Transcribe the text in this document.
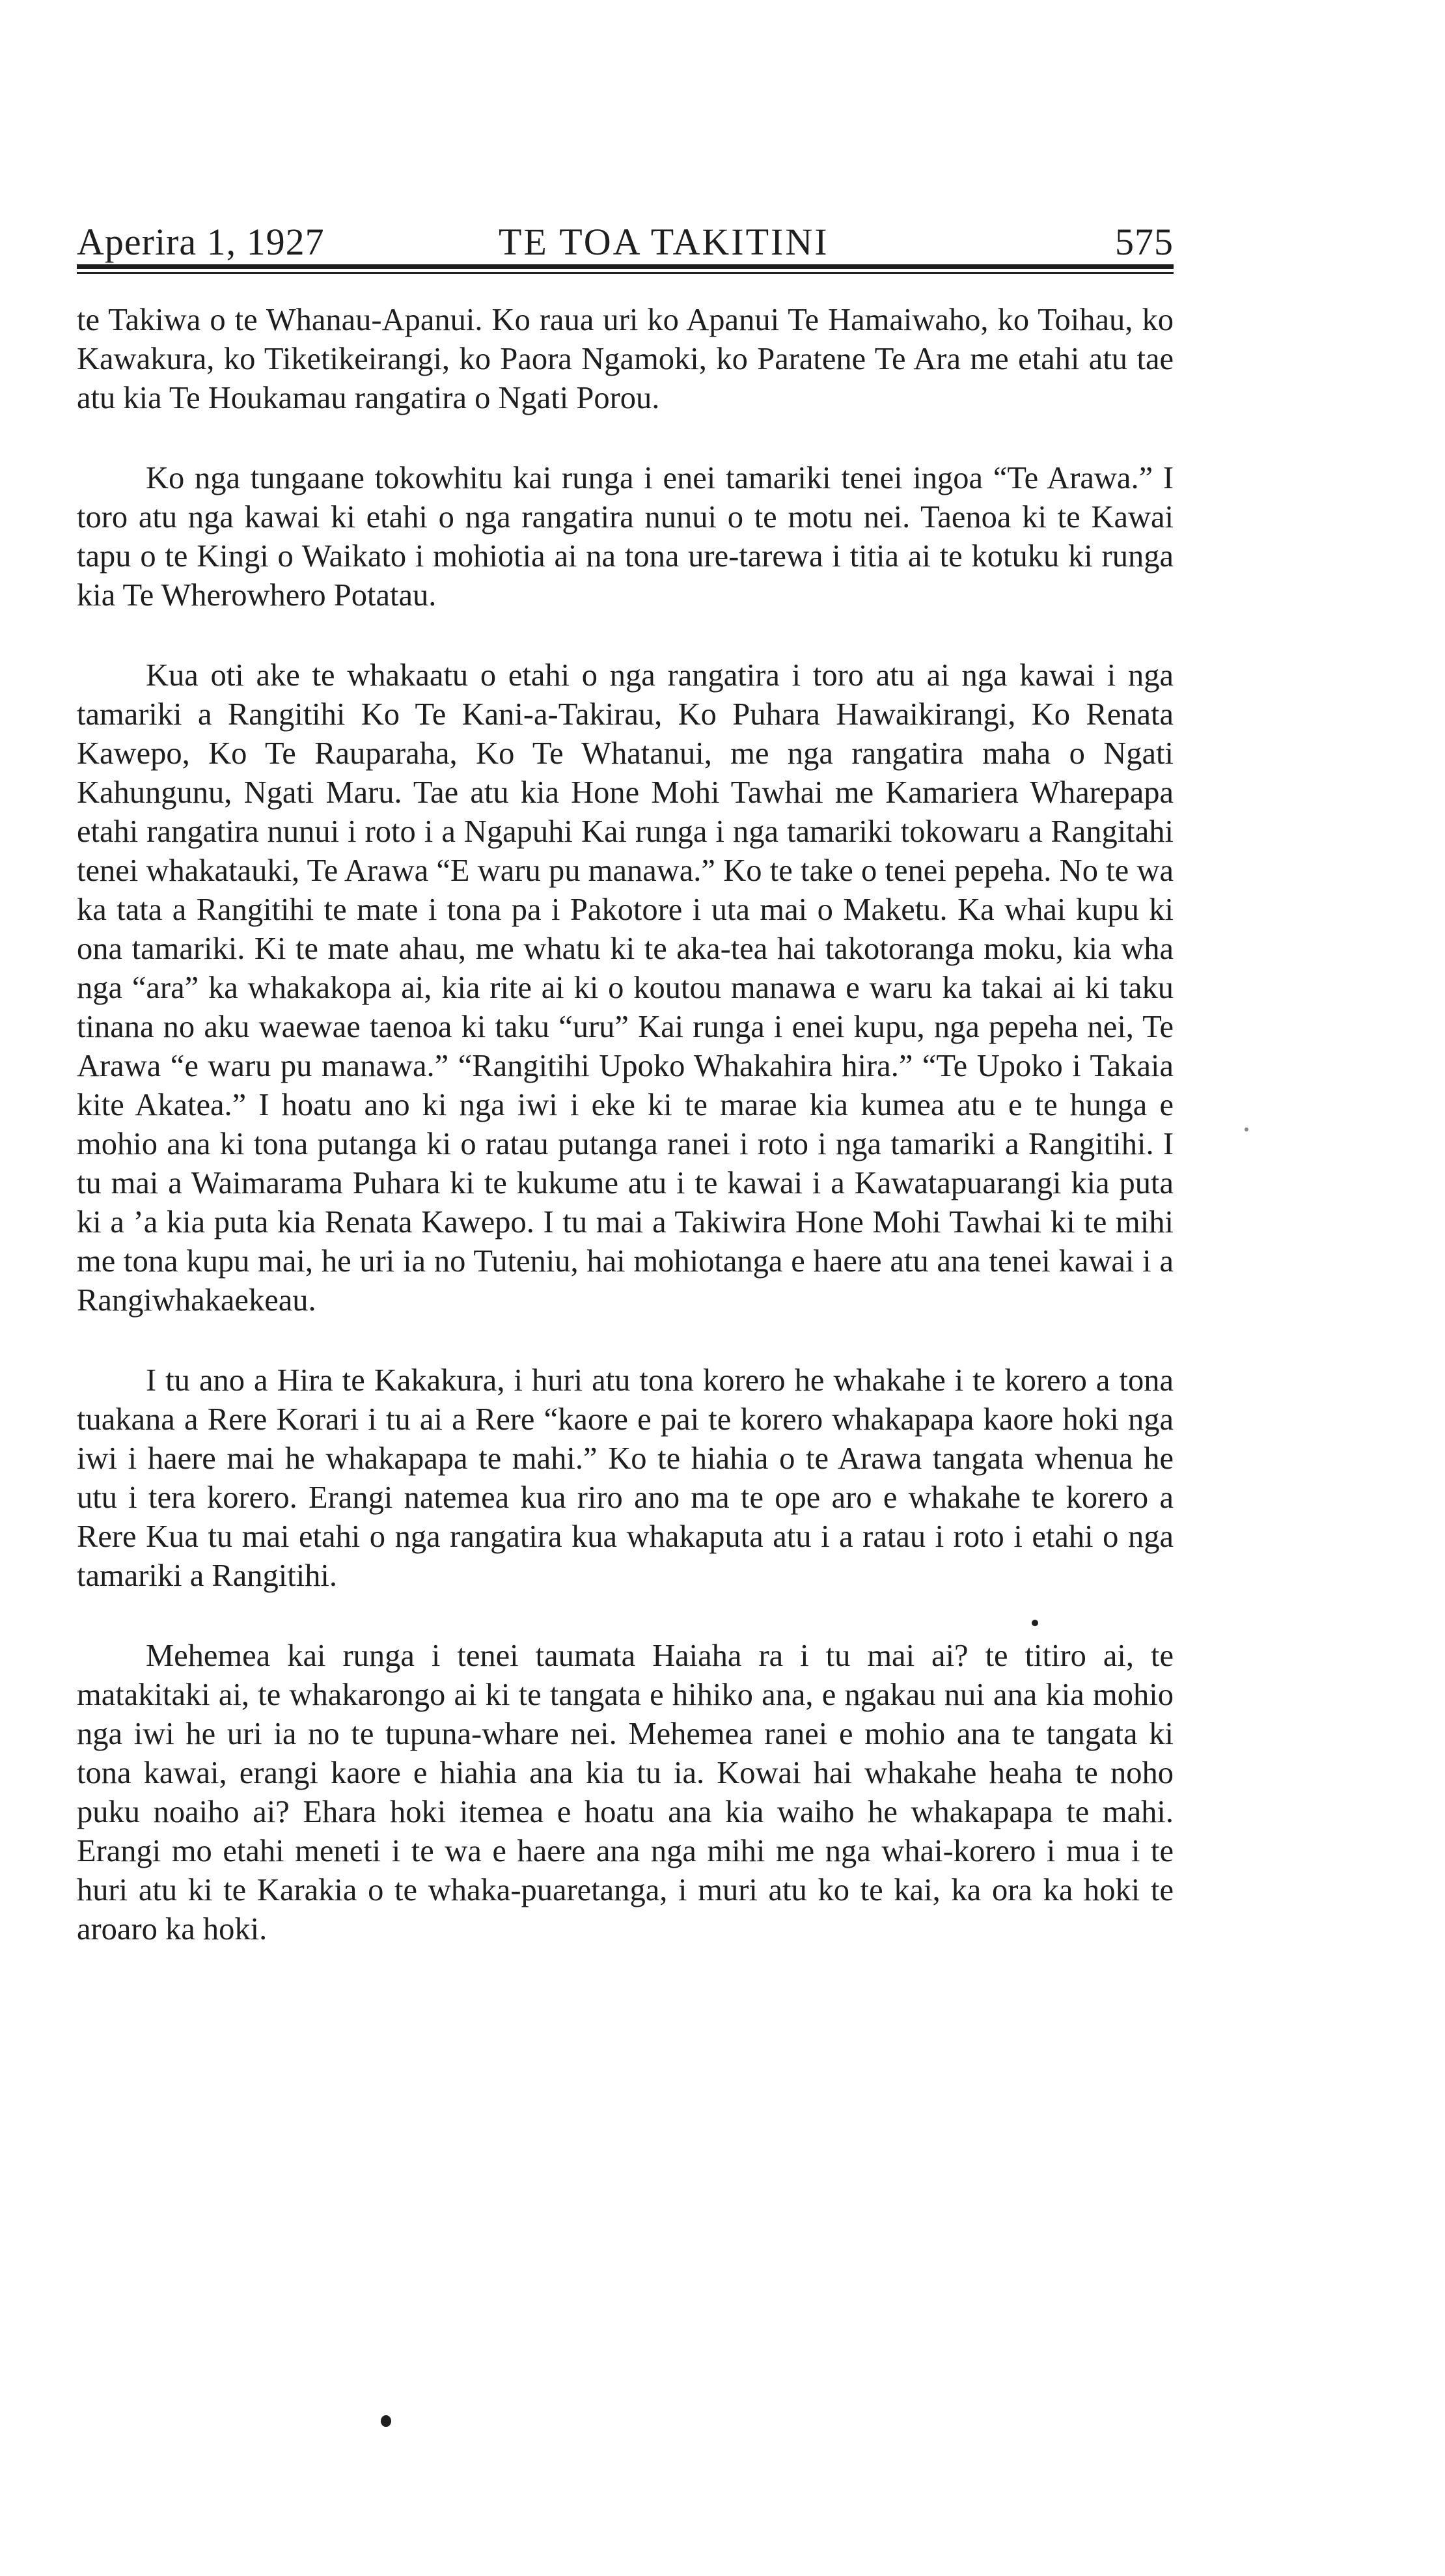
Aperira 1, 1927	TE TOA TAKITINI	575

te Takiwa o te Whanau-Apanui. Ko raua uri ko Apanui Te Hamaiwaho, ko Toihau, ko Kawakura, ko Tiketikeirangi, ko Paora Ngamoki, ko Paratene Te Ara me etahi atu tae atu kia Te Houkamau rangatira o Ngati Porou.

Ko nga tungaane tokowhitu kai runga i enei tamariki tenei ingoa “Te Arawa.” I toro atu nga kawai ki etahi o nga rangatira nunui o te motu nei. Taenoa ki te Kawai tapu o te Kingi o Waikato i mohiotia ai na tona ure-tarewa i titia ai te kotuku ki runga kia Te Wherowhero Potatau.

Kua oti ake te whakaatu o etahi o nga rangatira i toro atu ai nga kawai i nga tamariki a Rangitihi Ko Te Kani-a-Takirau, Ko Puhara Hawaikirangi, Ko Renata Kawepo, Ko Te Rauparaha, Ko Te Whatanui, me nga rangatira maha o Ngati Kahungunu, Ngati Maru. Tae atu kia Hone Mohi Tawhai me Kamariera Wharepapa etahi rangatira nunui i roto i a Ngapuhi Kai runga i nga tamariki tokowaru a Rangitahi tenei whakatauki, Te Arawa “E waru pu manawa.” Ko te take o tenei pepeha. No te wa ka tata a Rangitihi te mate i tona pa i Pakotore i uta mai o Maketu. Ka whai kupu ki ona tamariki. Ki te mate ahau, me whatu ki te aka-tea hai takotoranga moku, kia wha nga “ara” ka whakakopa ai, kia rite ai ki o koutou manawa e waru ka takai ai ki taku tinana no aku waewae taenoa ki taku “uru” Kai runga i enei kupu, nga pepeha nei, Te Arawa “e waru pu manawa.” “Rangitihi Upoko Whakahira hira.” “Te Upoko i Takaia kite Akatea.” I hoatu ano ki nga iwi i eke ki te marae kia kumea atu e te hunga e mohio ana ki tona putanga ki o ratau putanga ranei i roto i nga tamariki a Rangitihi. I tu mai a Waimarama Puhara ki te kukume atu i te kawai i a Kawatapuarangi kia puta ki a ’a kia puta kia Renata Kawepo. I tu mai a Takiwira Hone Mohi Tawhai ki te mihi me tona kupu mai, he uri ia no Tuteniu, hai mohiotanga e haere atu ana tenei kawai i a Rangiwhakaekeau.

I tu ano a Hira te Kakakura, i huri atu tona korero he whakahe i te korero a tona tuakana a Rere Korari i tu ai a Rere “kaore e pai te korero whakapapa kaore hoki nga iwi i haere mai he whakapapa te mahi.” Ko te hiahia o te Arawa tangata whenua he utu i tera korero. Erangi natemea kua riro ano ma te ope aro e whakahe te korero a Rere Kua tu mai etahi o nga rangatira kua whakaputa atu i a ratau i roto i etahi o nga tamariki a Rangitihi.

Mehemea kai runga i tenei taumata Haiaha ra i tu mai ai? te titiro ai, te matakitaki ai, te whakarongo ai ki te tangata e hihiko ana, e ngakau nui ana kia mohio nga iwi he uri ia no te tupuna-whare nei. Mehemea ranei e mohio ana te tangata ki tona kawai, erangi kaore e hiahia ana kia tu ia. Kowai hai whakahe heaha te noho puku noaiho ai? Ehara hoki itemea e hoatu ana kia waiho he whakapapa te mahi. Erangi mo etahi meneti i te wa e haere ana nga mihi me nga whai-korero i mua i te huri atu ki te Karakia o te whaka-puaretanga, i muri atu ko te kai, ka ora ka hoki te aroaro ka hoki.
